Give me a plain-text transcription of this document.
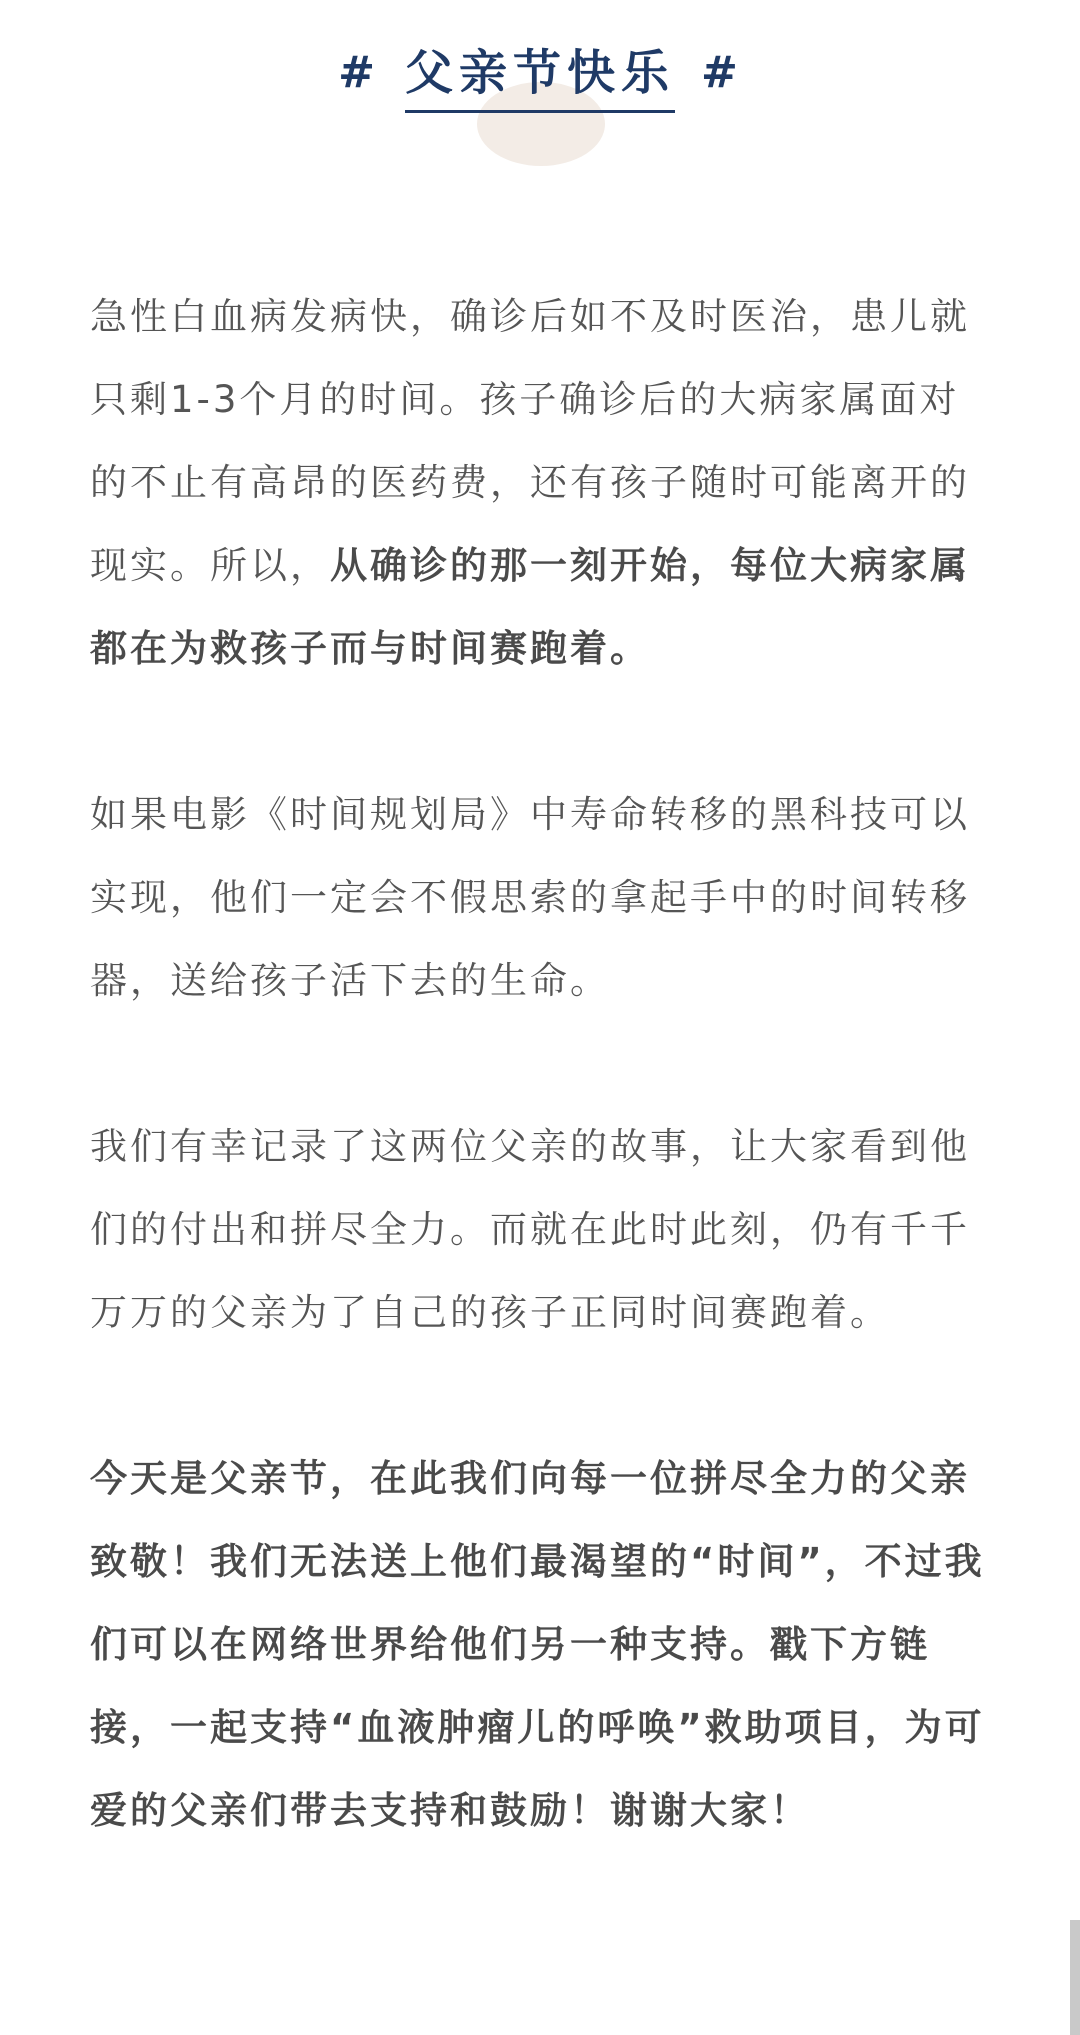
# 父亲节快乐 #

急性白血病发病快，确诊后如不及时医治，患儿就只剩1-3个月的时间。孩子确诊后的大病家属面对的不止有高昂的医药费，还有孩子随时可能离开的现实。所以，从确诊的那一刻开始，每位大病家属都在为救孩子而与时间赛跑着。

如果电影《时间规划局》中寿命转移的黑科技可以实现，他们一定会不假思索的拿起手中的时间转移器，送给孩子活下去的生命。

我们有幸记录了这两位父亲的故事，让大家看到他们的付出和拼尽全力。而就在此时此刻，仍有千千万万的父亲为了自己的孩子正同时间赛跑着。

今天是父亲节，在此我们向每一位拼尽全力的父亲致敬！我们无法送上他们最渴望的“时间”，不过我们可以在网络世界给他们另一种支持。戳下方链接，一起支持“血液肿瘤儿的呼唤”救助项目，为可爱的父亲们带去支持和鼓励！谢谢大家！
